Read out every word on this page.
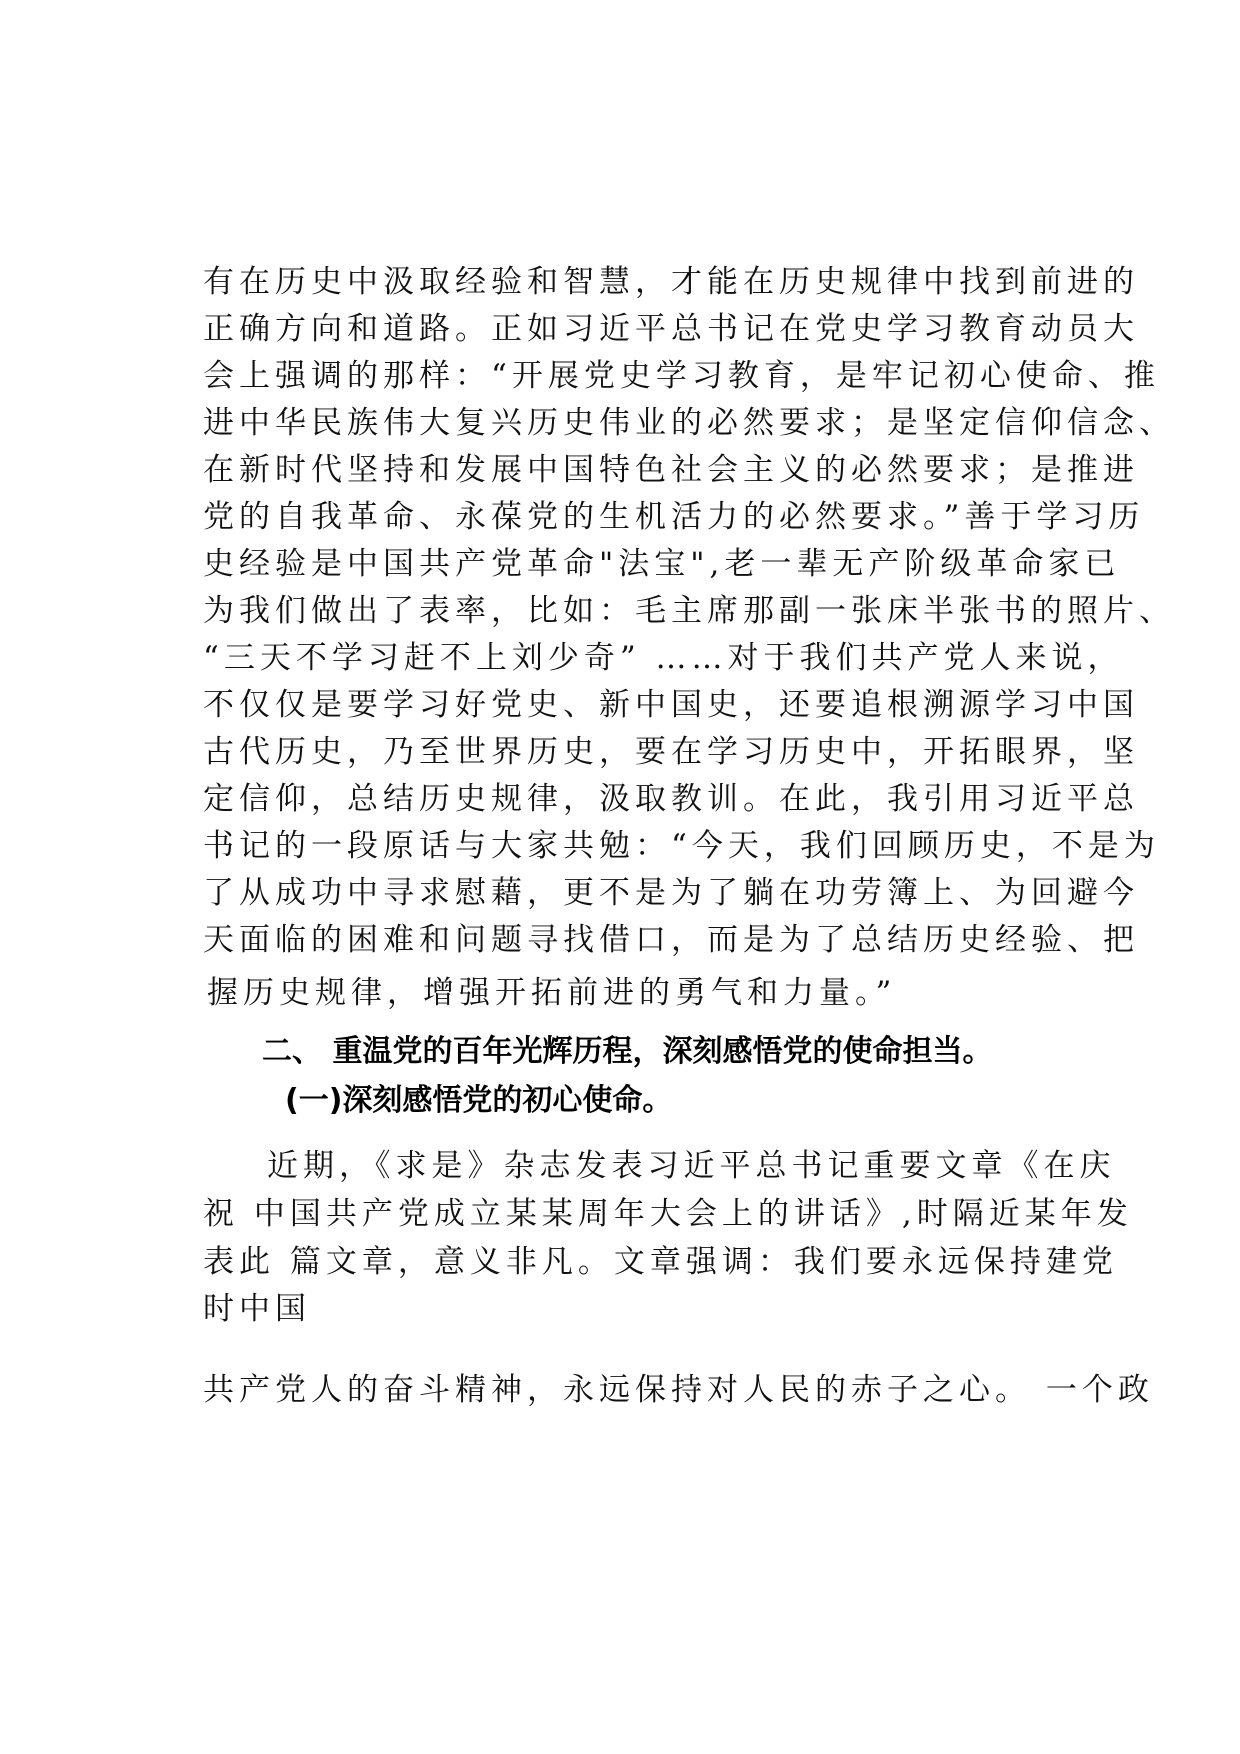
有在历史中汲取经验和智慧，才能在历史规律中找到前进的
正确方向和道路。正如习近平总书记在党史学习教育动员大
会上强调的那样：“开展党史学习教育，是牢记初心使命、推
进中华民族伟大复兴历史伟业的必然要求；是坚定信仰信念、
在新时代坚持和发展中国特色社会主义的必然要求；是推进
党的自我革命、永葆党的生机活力的必然要求。”善于学习历
史经验是中国共产党革命"法宝",老一辈无产阶级革命家已
为我们做出了表率，比如：毛主席那副一张床半张书的照片、
“三天不学习赶不上刘少奇” ……对于我们共产党人来说，
不仅仅是要学习好党史、新中国史，还要追根溯源学习中国
古代历史，乃至世界历史，要在学习历史中，开拓眼界，坚
定信仰，总结历史规律，汲取教训。在此，我引用习近平总
书记的一段原话与大家共勉：“今天，我们回顾历史，不是为
了从成功中寻求慰藉，更不是为了躺在功劳簿上、为回避今
天面临的困难和问题寻找借口，而是为了总结历史经验、把
握历史规律，增强开拓前进的勇气和力量。”
二、 重温党的百年光辉历程，深刻感悟党的使命担当。
(一)深刻感悟党的初心使命。
近期，《求是》杂志发表习近平总书记重要文章《在庆
祝 中国共产党成立某某周年大会上的讲话》,时隔近某年发
表此 篇文章，意义非凡。文章强调：我们要永远保持建党
时中国
共产党人的奋斗精神，永远保持对人民的赤子之心。 一个政
